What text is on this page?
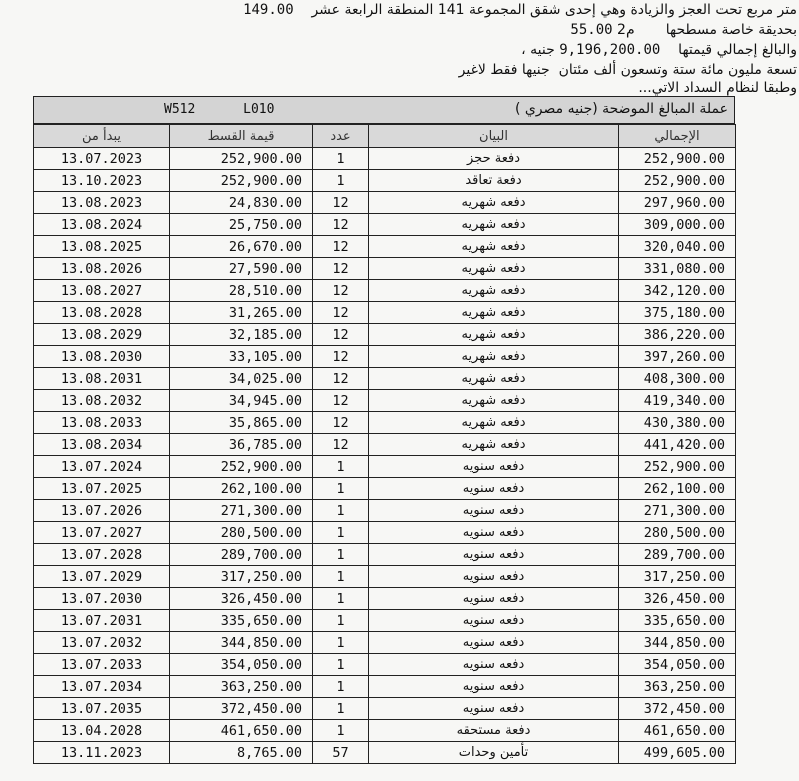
متر مربع تحت العجز والزيادة وهي إحدى شقق المجموعة 141 المنطقة الرابعة عشر    149.00
بحديقة خاصة مسطحها       م2 55.00
والبالغ إجمالي قيمتها    9,196,200.00 جنيه ،
تسعة مليون مائة ستة وتسعون ألف مئتان  جنيها فقط لاغير
وطبقا لنظام السداد الاتي...
W512	L010	عملة المبالغ الموضحة (جنيه مصري )
يبدأ من	قيمة القسط	عدد	البيان	الإجمالي
13.07.2023	252,900.00	1	دفعة حجز	252,900.00
13.10.2023	252,900.00	1	دفعة تعاقد	252,900.00
13.08.2023	24,830.00	12	دفعه شهريه	297,960.00
13.08.2024	25,750.00	12	دفعه شهريه	309,000.00
13.08.2025	26,670.00	12	دفعه شهريه	320,040.00
13.08.2026	27,590.00	12	دفعه شهريه	331,080.00
13.08.2027	28,510.00	12	دفعه شهريه	342,120.00
13.08.2028	31,265.00	12	دفعه شهريه	375,180.00
13.08.2029	32,185.00	12	دفعه شهريه	386,220.00
13.08.2030	33,105.00	12	دفعه شهريه	397,260.00
13.08.2031	34,025.00	12	دفعه شهريه	408,300.00
13.08.2032	34,945.00	12	دفعه شهريه	419,340.00
13.08.2033	35,865.00	12	دفعه شهريه	430,380.00
13.08.2034	36,785.00	12	دفعه شهريه	441,420.00
13.07.2024	252,900.00	1	دفعه سنويه	252,900.00
13.07.2025	262,100.00	1	دفعه سنويه	262,100.00
13.07.2026	271,300.00	1	دفعه سنويه	271,300.00
13.07.2027	280,500.00	1	دفعه سنويه	280,500.00
13.07.2028	289,700.00	1	دفعه سنويه	289,700.00
13.07.2029	317,250.00	1	دفعه سنويه	317,250.00
13.07.2030	326,450.00	1	دفعه سنويه	326,450.00
13.07.2031	335,650.00	1	دفعه سنويه	335,650.00
13.07.2032	344,850.00	1	دفعه سنويه	344,850.00
13.07.2033	354,050.00	1	دفعه سنويه	354,050.00
13.07.2034	363,250.00	1	دفعه سنويه	363,250.00
13.07.2035	372,450.00	1	دفعه سنويه	372,450.00
13.04.2028	461,650.00	1	دفعة مستحقه	461,650.00
13.11.2023	8,765.00	57	تأمين وحدات	499,605.00
